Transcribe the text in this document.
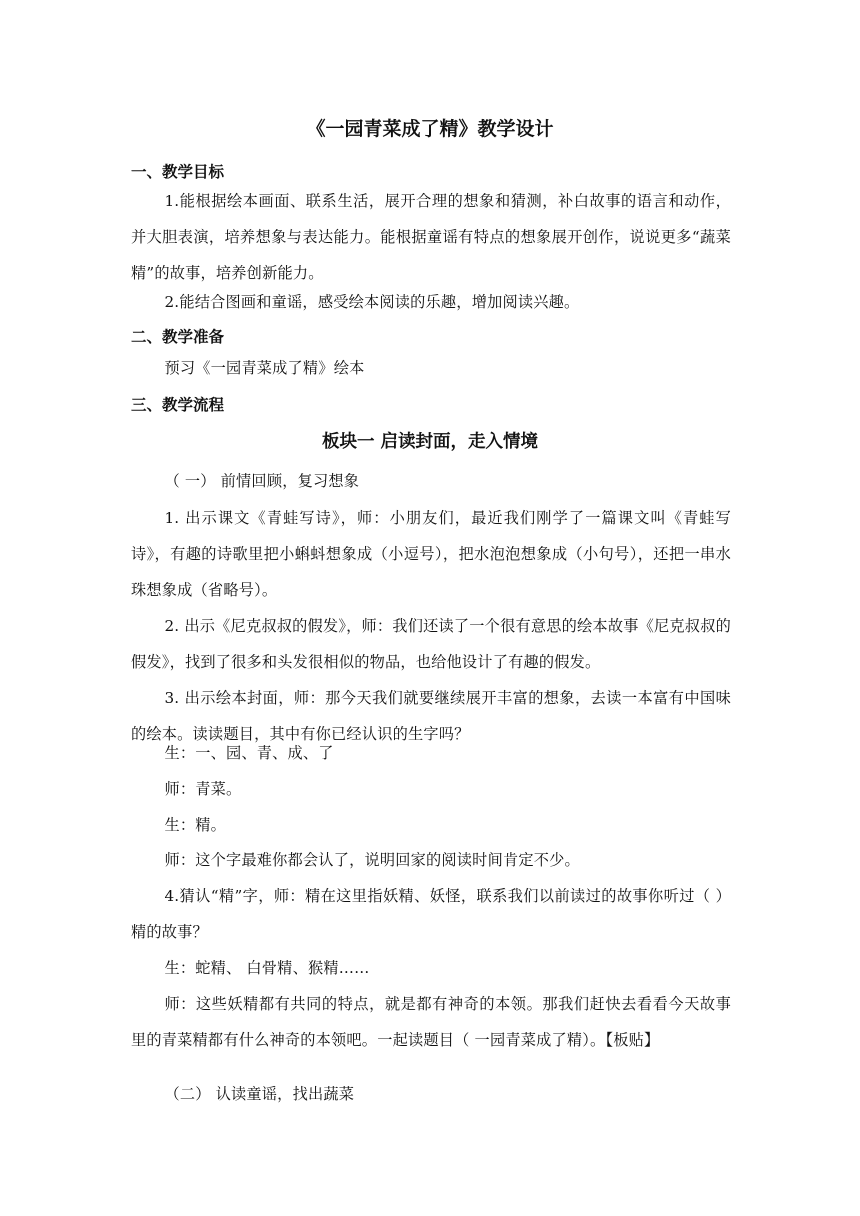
《一园青菜成了精》教学设计
一、教学目标
1.能根据绘本画面、联系生活，展开合理的想象和猜测，补白故事的语言和动作，并大胆表演，培养想象与表达能力。能根据童谣有特点的想象展开创作，说说更多“蔬菜精”的故事，培养创新能力。
2.能结合图画和童谣，感受绘本阅读的乐趣，增加阅读兴趣。
二、教学准备
预习《一园青菜成了精》绘本
三、教学流程
板块一 启读封面，走入情境
（ 一） 前情回顾，复习想象
1. 出示课文《青蛙写诗》，师：小朋友们，最近我们刚学了一篇课文叫《青蛙写诗》，有趣的诗歌里把小蝌蚪想象成（小逗号），把水泡泡想象成（小句号），还把一串水珠想象成（省略号）。
2. 出示《尼克叔叔的假发》，师：我们还读了一个很有意思的绘本故事《尼克叔叔的假发》，找到了很多和头发很相似的物品，也给他设计了有趣的假发。
3. 出示绘本封面，师：那今天我们就要继续展开丰富的想象，去读一本富有中国味的绘本。读读题目，其中有你已经认识的生字吗？
生：一、园、青、成、了
师：青菜。
生：精。
师：这个字最难你都会认了，说明回家的阅读时间肯定不少。
4.猜认“精”字，师：精在这里指妖精、妖怪，联系我们以前读过的故事你听过（ ）精的故事？
生：蛇精、 白骨精、猴精……
师：这些妖精都有共同的特点，就是都有神奇的本领。那我们赶快去看看今天故事里的青菜精都有什么神奇的本领吧。一起读题目（ 一园青菜成了精）。【板贴】
（二） 认读童谣，找出蔬菜
